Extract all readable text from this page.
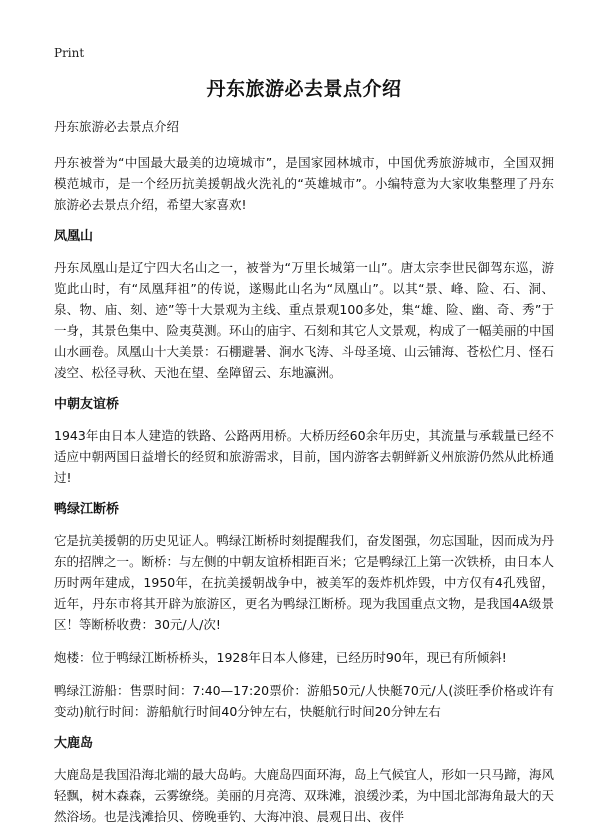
Print
丹东旅游必去景点介绍
丹东旅游必去景点介绍

丹东被誉为“中国最大最美的边境城市”，是国家园林城市，中国优秀旅游城市，全国双拥模范城市，是一个经历抗美援朝战火洗礼的“英雄城市”。小编特意为大家收集整理了丹东旅游必去景点介绍，希望大家喜欢!

凤凰山

丹东凤凰山是辽宁四大名山之一，被誉为“万里长城第一山”。唐太宗李世民御驾东巡，游览此山时，有“凤凰拜祖”的传说，遂赐此山名为“凤凰山”。以其“景、峰、险、石、洞、泉、物、庙、刻、迹”等十大景观为主线、重点景观100多处，集“雄、险、幽、奇、秀”于一身，其景色集中、险夷莫测。环山的庙宇、石刻和其它人文景观，构成了一幅美丽的中国山水画卷。凤凰山十大美景：石棚避暑、涧水飞涛、斗母圣境、山云铺海、苍松伫月、怪石凌空、松径寻秋、天池在望、垒障留云、东地瀛洲。

中朝友谊桥

1943年由日本人建造的铁路、公路两用桥。大桥历经60余年历史，其流量与承载量已经不适应中朝两国日益增长的经贸和旅游需求，目前，国内游客去朝鲜新义州旅游仍然从此桥通过!

鸭绿江断桥

它是抗美援朝的历史见证人。鸭绿江断桥时刻提醒我们，奋发图强，勿忘国耻，因而成为丹东的招牌之一。断桥：与左侧的中朝友谊桥相距百米；它是鸭绿江上第一次铁桥，由日本人历时两年建成，1950年，在抗美援朝战争中，被美军的轰炸机炸毁，中方仅有4孔残留，近年，丹东市将其开辟为旅游区，更名为鸭绿江断桥。现为我国重点文物，是我国4A级景区！等断桥收费：30元/人/次!

炮楼：位于鸭绿江断桥桥头，1928年日本人修建，已经历时90年，现已有所倾斜!

鸭绿江游船：售票时间：7:40—17:20票价：游船50元/人快艇70元/人(淡旺季价格或许有变动)航行时间：游船航行时间40分钟左右，快艇航行时间20分钟左右

大鹿岛

大鹿岛是我国沿海北端的最大岛屿。大鹿岛四面环海，岛上气候宜人，形如一只马蹄，海风轻飘，树木森森，云雾缭绕。美丽的月亮湾、双珠滩，浪缓沙柔，为中国北部海角最大的天然浴场。也是浅滩拾贝、傍晚垂钓、大海冲浪、晨观日出、夜伴
